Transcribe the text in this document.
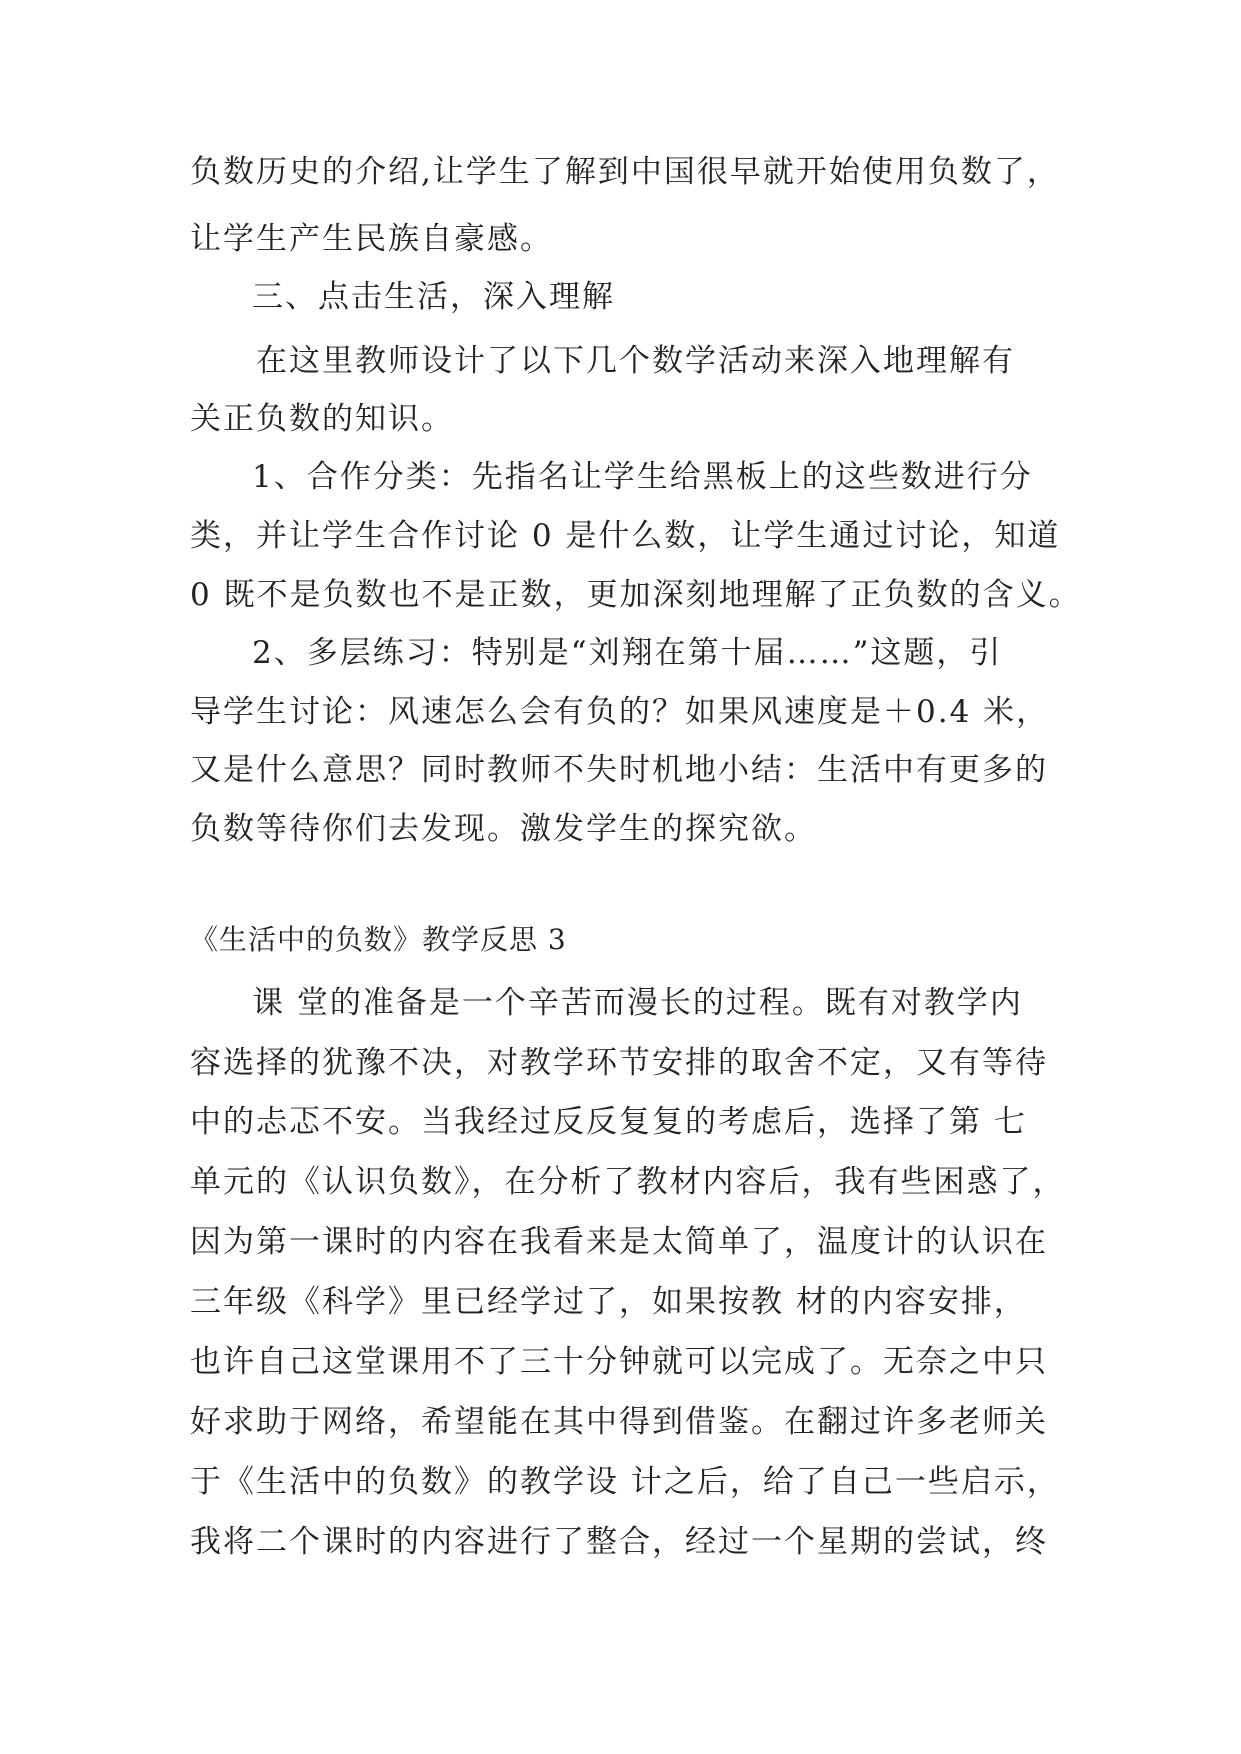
负数历史的介绍,让学生了解到中国很早就开始使用负数了，
让学生产生民族自豪感。
三、点击生活，深入理解
在这里教师设计了以下几个数学活动来深入地理解有
关正负数的知识。
1、合作分类：先指名让学生给黑板上的这些数进行分
类，并让学生合作讨论 0 是什么数，让学生通过讨论，知道
0 既不是负数也不是正数，更加深刻地理解了正负数的含义。
2、多层练习：特别是“刘翔在第十届……”这题，引
导学生讨论：风速怎么会有负的？如果风速度是＋0.4 米，
又是什么意思？同时教师不失时机地小结：生活中有更多的
负数等待你们去发现。激发学生的探究欲。
《生活中的负数》教学反思 3
课 堂的准备是一个辛苦而漫长的过程。既有对教学内
容选择的犹豫不决，对教学环节安排的取舍不定，又有等待
中的忐忑不安。当我经过反反复复的考虑后，选择了第 七
单元的《认识负数》，在分析了教材内容后，我有些困惑了，
因为第一课时的内容在我看来是太简单了，温度计的认识在
三年级《科学》里已经学过了，如果按教 材的内容安排，
也许自己这堂课用不了三十分钟就可以完成了。无奈之中只
好求助于网络，希望能在其中得到借鉴。在翻过许多老师关
于《生活中的负数》的教学设 计之后，给了自己一些启示，
我将二个课时的内容进行了整合，经过一个星期的尝试，终
